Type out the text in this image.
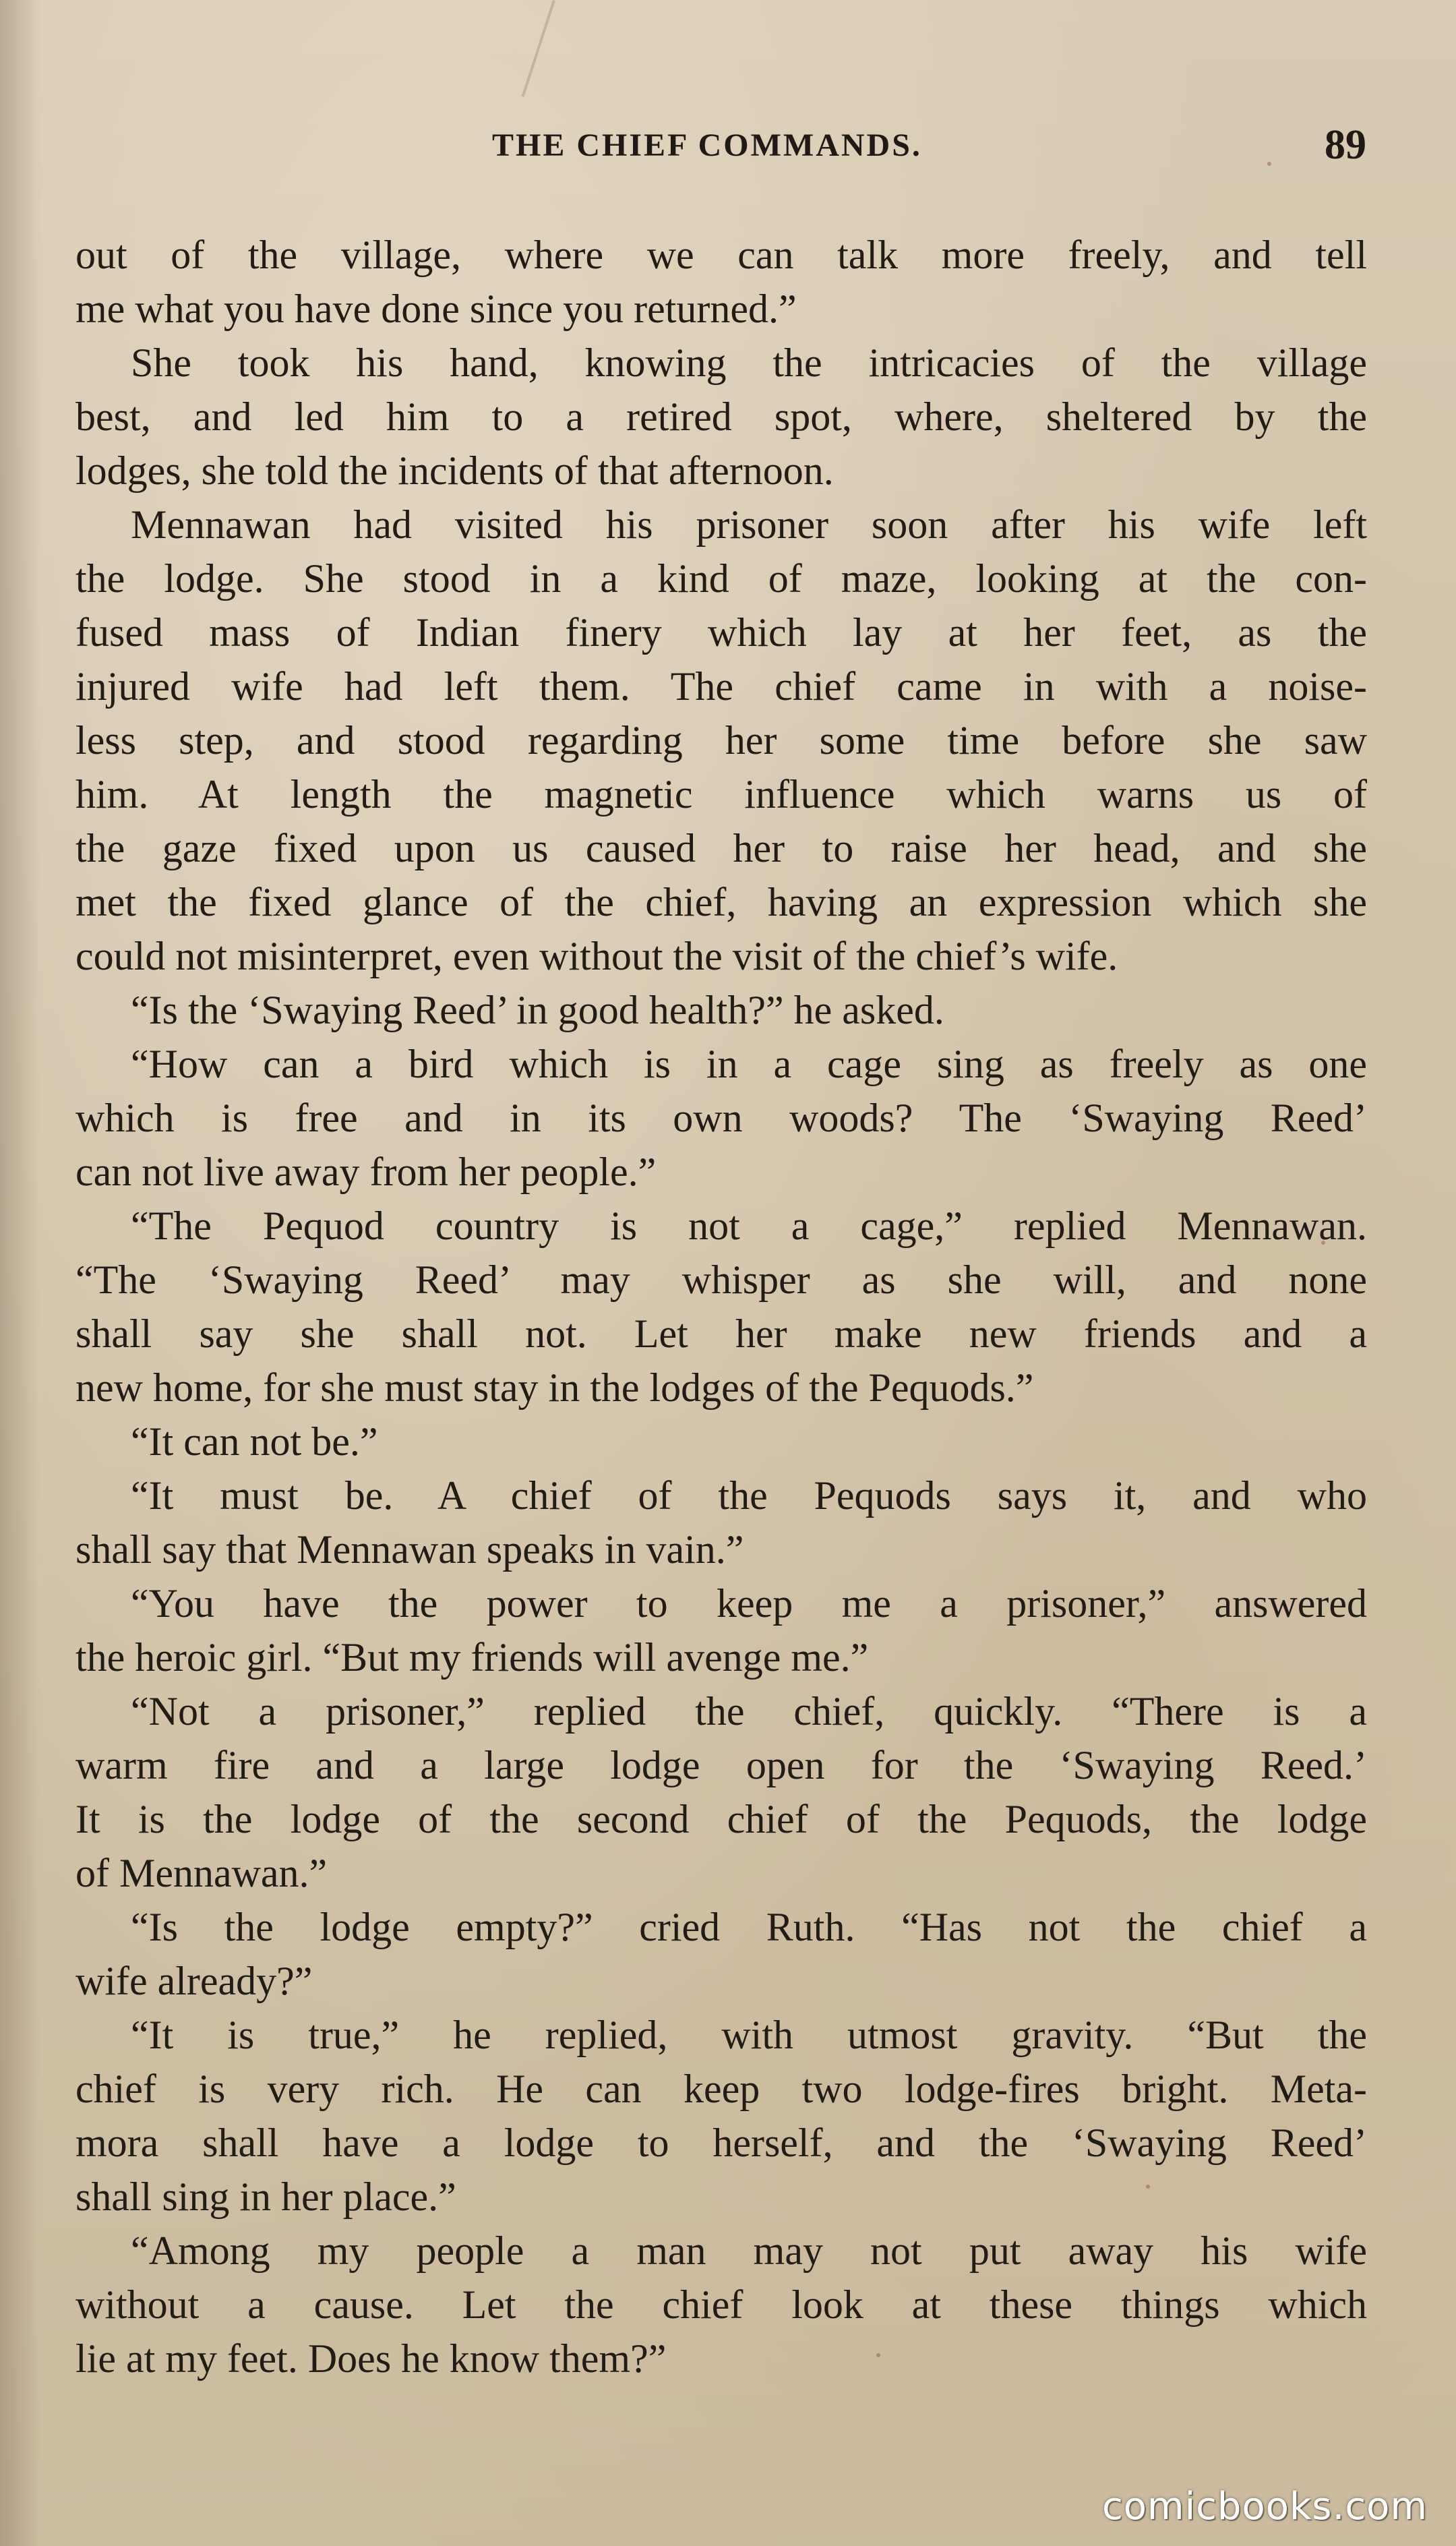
THE CHIEF COMMANDS.	89
out of the village, where we can talk more freely, and tell
me what you have done since you returned.”
She took his hand, knowing the intricacies of the village
best, and led him to a retired spot, where, sheltered by the
lodges, she told the incidents of that afternoon.
Mennawan had visited his prisoner soon after his wife left
the lodge. She stood in a kind of maze, looking at the con-
fused mass of Indian finery which lay at her feet, as the
injured wife had left them. The chief came in with a noise-
less step, and stood regarding her some time before she saw
him. At length the magnetic influence which warns us of
the gaze fixed upon us caused her to raise her head, and she
met the fixed glance of the chief, having an expression which she
could not misinterpret, even without the visit of the chief’s wife.
“Is the ‘Swaying Reed’ in good health?” he asked.
“How can a bird which is in a cage sing as freely as one
which is free and in its own woods? The ‘Swaying Reed’
can not live away from her people.”
“The Pequod country is not a cage,” replied Mennawan.
“The ‘Swaying Reed’ may whisper as she will, and none
shall say she shall not. Let her make new friends and a
new home, for she must stay in the lodges of the Pequods.”
“It can not be.”
“It must be. A chief of the Pequods says it, and who
shall say that Mennawan speaks in vain.”
“You have the power to keep me a prisoner,” answered
the heroic girl. “But my friends will avenge me.”
“Not a prisoner,” replied the chief, quickly. “There is a
warm fire and a large lodge open for the ‘Swaying Reed.’
It is the lodge of the second chief of the Pequods, the lodge
of Mennawan.”
“Is the lodge empty?” cried Ruth. “Has not the chief a
wife already?”
“It is true,” he replied, with utmost gravity. “But the
chief is very rich. He can keep two lodge-fires bright. Meta-
mora shall have a lodge to herself, and the ‘Swaying Reed’
shall sing in her place.”
“Among my people a man may not put away his wife
without a cause. Let the chief look at these things which
lie at my feet. Does he know them?”
comicbooks.com
